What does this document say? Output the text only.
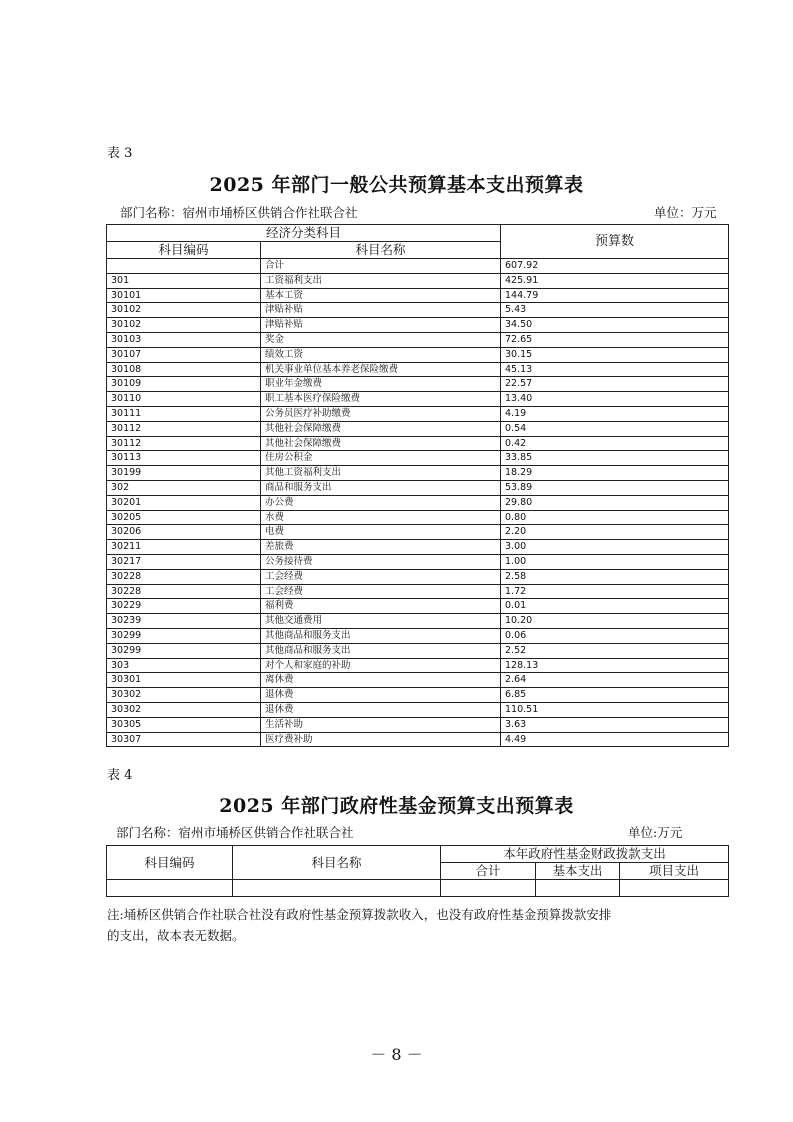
表 3
2025 年部门一般公共预算基本支出预算表
部门名称：宿州市埇桥区供销合作社联合社	单位：万元
经济分类科目		预算数
科目编码	科目名称	
	合计	607.92
301	工资福利支出	425.91
30101	基本工资	144.79
30102	津贴补贴	5.43
30102	津贴补贴	34.50
30103	奖金	72.65
30107	绩效工资	30.15
30108	机关事业单位基本养老保险缴费	45.13
30109	职业年金缴费	22.57
30110	职工基本医疗保险缴费	13.40
30111	公务员医疗补助缴费	4.19
30112	其他社会保障缴费	0.54
30112	其他社会保障缴费	0.42
30113	住房公积金	33.85
30199	其他工资福利支出	18.29
302	商品和服务支出	53.89
30201	办公费	29.80
30205	水费	0.80
30206	电费	2.20
30211	差旅费	3.00
30217	公务接待费	1.00
30228	工会经费	2.58
30228	工会经费	1.72
30229	福利费	0.01
30239	其他交通费用	10.20
30299	其他商品和服务支出	0.06
30299	其他商品和服务支出	2.52
303	对个人和家庭的补助	128.13
30301	离休费	2.64
30302	退休费	6.85
30302	退休费	110.51
30305	生活补助	3.63
30307	医疗费补助	4.49
表 4
2025 年部门政府性基金预算支出预算表
部门名称：宿州市埇桥区供销合作社联合社	单位:万元
科目编码	科目名称	本年政府性基金财政拨款支出		
		合计	基本支出	项目支出

注:埇桥区供销合作社联合社没有政府性基金预算拨款收入，也没有政府性基金预算拨款安排
的支出，故本表无数据。
－ 8 －
